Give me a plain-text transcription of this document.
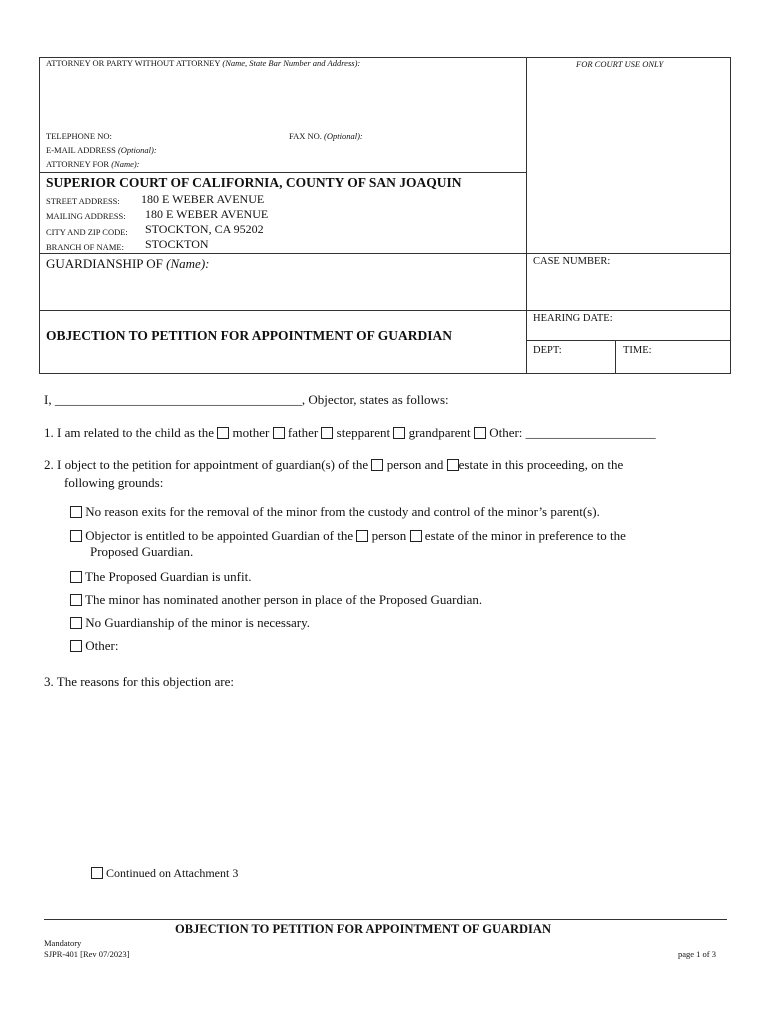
ATTORNEY OR PARTY WITHOUT ATTORNEY (Name, State Bar Number and Address):	FOR COURT USE ONLY
TELEPHONE NO:	FAX NO. (Optional):
E-MAIL ADDRESS (Optional):
ATTORNEY FOR (Name):
SUPERIOR COURT OF CALIFORNIA, COUNTY OF SAN JOAQUIN
STREET ADDRESS: 180 E WEBER AVENUE
MAILING ADDRESS: 180 E WEBER AVENUE
CITY AND ZIP CODE: STOCKTON, CA 95202
BRANCH OF NAME: STOCKTON
GUARDIANSHIP OF (Name):	CASE NUMBER:
OBJECTION TO PETITION FOR APPOINTMENT OF GUARDIAN
HEARING DATE:
DEPT:	TIME:
I, ______________________________________, Objector, states as follows:
1. I am related to the child as the mother father stepparent grandparent Other: ____________________
2. I object to the petition for appointment of guardian(s) of the person and estate in this proceeding, on the
following grounds:
No reason exits for the removal of the minor from the custody and control of the minor’s parent(s).
Objector is entitled to be appointed Guardian of the person estate of the minor in preference to the
Proposed Guardian.
The Proposed Guardian is unfit.
The minor has nominated another person in place of the Proposed Guardian.
No Guardianship of the minor is necessary.
Other:
3. The reasons for this objection are:
Continued on Attachment 3
OBJECTION TO PETITION FOR APPOINTMENT OF GUARDIAN
Mandatory
SJPR-401 [Rev 07/2023]	page 1 of 3
